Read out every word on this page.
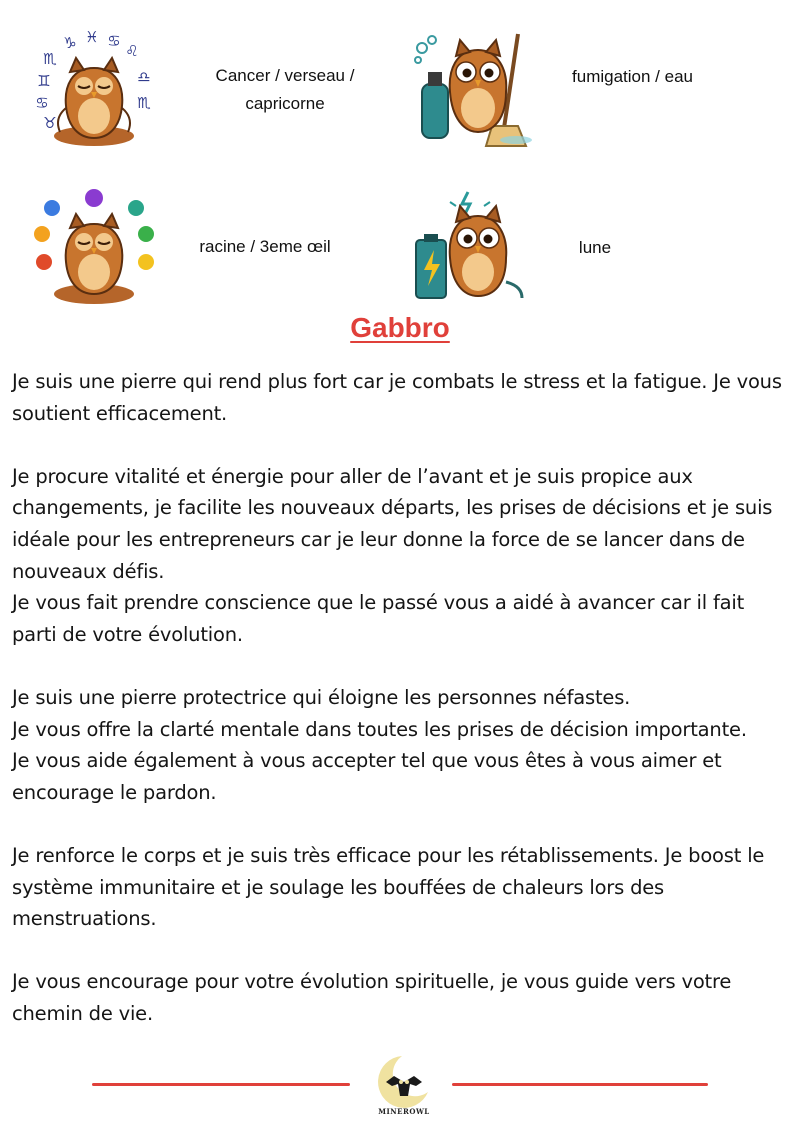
♏
♑ ♓ ♋
♌
♊
♋
♎
♏
♉
Cancer / verseau /
capricorne
fumigation / eau
racine / 3eme œil	lune
Gabbro

Je suis une pierre qui rend plus fort car je combats le stress et la fatigue. Je vous soutient efficacement.

Je procure vitalité et énergie pour aller de l’avant et je suis propice aux changements, je facilite les nouveaux départs, les prises de décisions et je suis idéale pour les entrepreneurs car je leur donne la force de se lancer dans de nouveaux défis.

Je vous fait prendre conscience que le passé vous a aidé à avancer car il fait parti de votre évolution.

Je suis une pierre protectrice qui éloigne les personnes néfastes.

Je vous offre la clarté mentale dans toutes les prises de décision importante.

Je vous aide également à vous accepter tel que vous êtes à vous aimer et encourage le pardon.

Je renforce le corps et je suis très efficace pour les rétablissements. Je boost le système immunitaire et je soulage les bouffées de chaleurs lors des menstruations.

Je vous encourage pour votre évolution spirituelle, je vous guide vers votre chemin de vie.

MINEROWL
